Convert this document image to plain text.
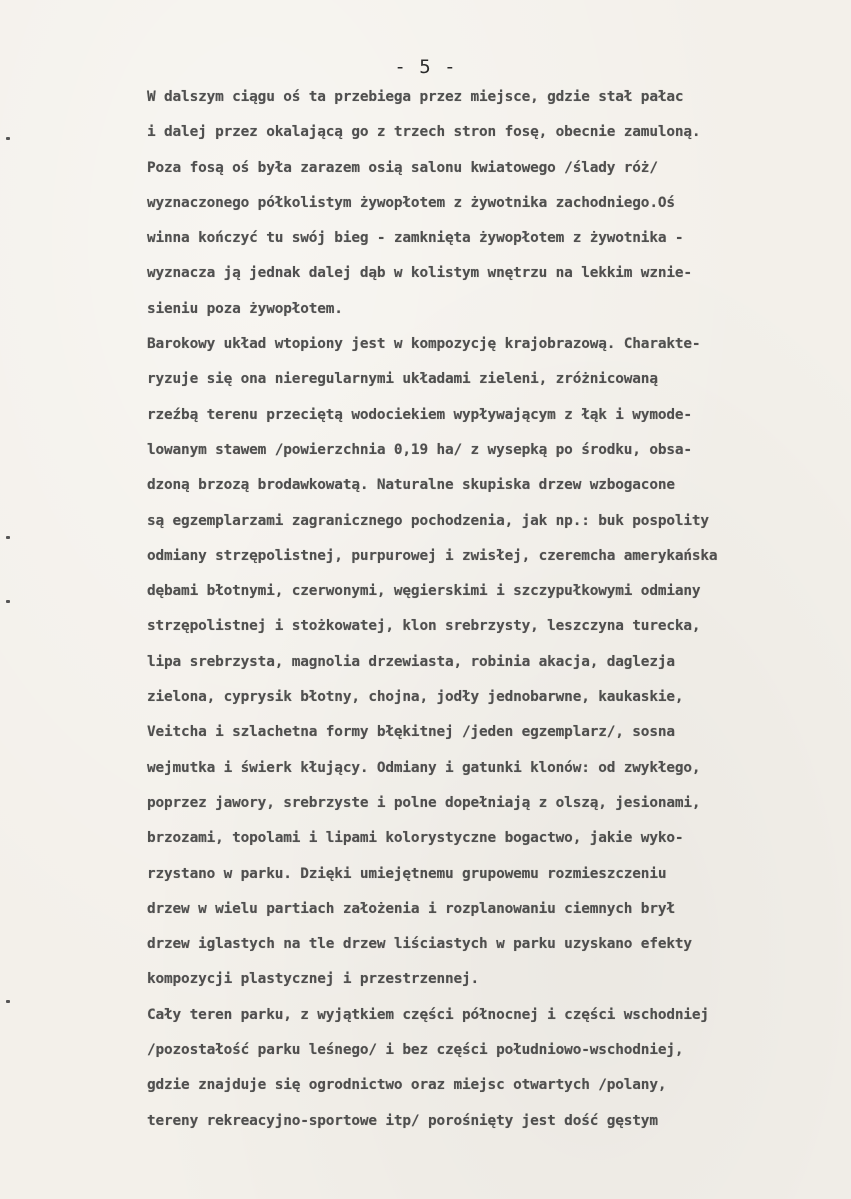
- 5 -
W dalszym ciągu oś ta przebiega przez miejsce, gdzie stał pałac
i dalej przez okalającą go z trzech stron fosę, obecnie zamuloną.
Poza fosą oś była zarazem osią salonu kwiatowego /ślady róż/
wyznaczonego półkolistym żywopłotem z żywotnika zachodniego.Oś
winna kończyć tu swój bieg - zamknięta żywopłotem z żywotnika -
wyznacza ją jednak dalej dąb w kolistym wnętrzu na lekkim wznie-
sieniu poza żywopłotem.
Barokowy układ wtopiony jest w kompozycję krajobrazową. Charakte-
ryzuje się ona nieregularnymi układami zieleni, zróżnicowaną
rzeźbą terenu przeciętą wodociekiem wypływającym z łąk i wymode-
lowanym stawem /powierzchnia 0,19 ha/ z wysepką po środku, obsa-
dzoną brzozą brodawkowatą. Naturalne skupiska drzew wzbogacone
są egzemplarzami zagranicznego pochodzenia, jak np.: buk pospolity
odmiany strzępolistnej, purpurowej i zwisłej, czeremcha amerykańska
dębami błotnymi, czerwonymi, węgierskimi i szczypułkowymi odmiany
strzępolistnej i stożkowatej, klon srebrzysty, leszczyna turecka,
lipa srebrzysta, magnolia drzewiasta, robinia akacja, daglezja
zielona, cyprysik błotny, chojna, jodły jednobarwne, kaukaskie,
Veitcha i szlachetna formy błękitnej /jeden egzemplarz/, sosna
wejmutka i świerk kłujący. Odmiany i gatunki klonów: od zwykłego,
poprzez jawory, srebrzyste i polne dopełniają z olszą, jesionami,
brzozami, topolami i lipami kolorystyczne bogactwo, jakie wyko-
rzystano w parku. Dzięki umiejętnemu grupowemu rozmieszczeniu
drzew w wielu partiach założenia i rozplanowaniu ciemnych brył
drzew iglastych na tle drzew liściastych w parku uzyskano efekty
kompozycji plastycznej i przestrzennej.
Cały teren parku, z wyjątkiem części północnej i części wschodniej
/pozostałość parku leśnego/ i bez części południowo-wschodniej,
gdzie znajduje się ogrodnictwo oraz miejsc otwartych /polany,
tereny rekreacyjno-sportowe itp/ porośnięty jest dość gęstym
